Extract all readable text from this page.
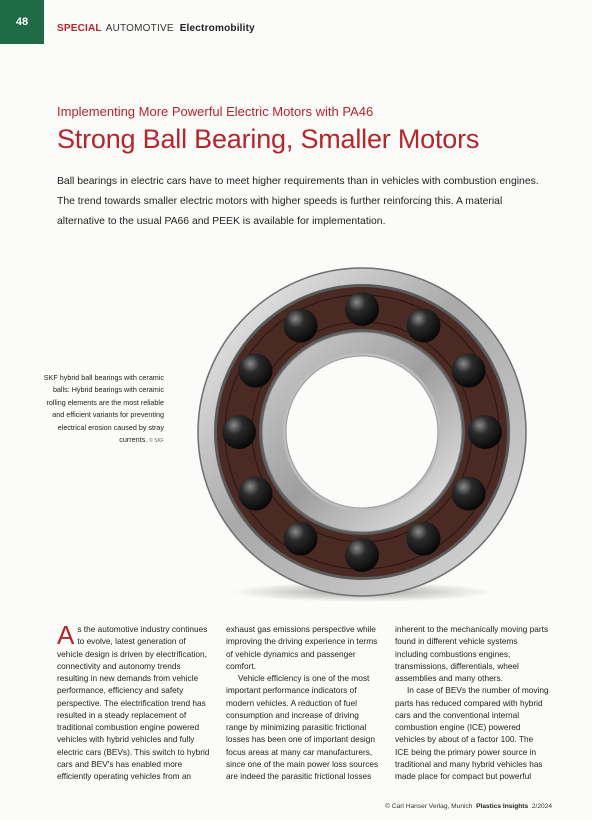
48
SPECIAL AUTOMOTIVE Electromobility
Implementing More Powerful Electric Motors with PA46
Strong Ball Bearing, Smaller Motors
Ball bearings in electric cars have to meet higher requirements than in vehicles with combustion engines. The trend towards smaller electric motors with higher speeds is further reinforcing this. A material alternative to the usual PA66 and PEEK is available for implementation.
SKF hybrid ball bearings with ceramic balls: Hybrid bearings with ceramic rolling elements are the most reliable and efficient variants for preventing electrical erosion caused by stray currents. © SKF

As the automotive industry continues to evolve, latest generation of vehicle design is driven by electrification, connectivity and autonomy trends resulting in new demands from vehicle performance, efficiency and safety perspective. The electrification trend has resulted in a steady replacement of traditional combustion engine powered vehicles with hybrid vehicles and fully electric cars (BEVs). This switch to hybrid cars and BEV's has enabled more efficiently operating vehicles from an

exhaust gas emissions perspective while improving the driving experience in terms of vehicle dynamics and passenger comfort.

Vehicle efficiency is one of the most important performance indicators of modern vehicles. A reduction of fuel consumption and increase of driving range by minimizing parasitic frictional losses has been one of important design focus areas at many car manufacturers, since one of the main power loss sources are indeed the parasitic frictional losses

inherent to the mechanically moving parts found in different vehicle systems including combustions engines, transmissions, differentials, wheel assemblies and many others.

In case of BEVs the number of moving parts has reduced compared with hybrid cars and the conventional internal combustion engine (ICE) powered vehicles by about of a factor 100. The ICE being the primary power source in traditional and many hybrid vehicles has made place for compact but powerful

© Carl Hanser Verlag, Munich Plastics Insights 2/2024
